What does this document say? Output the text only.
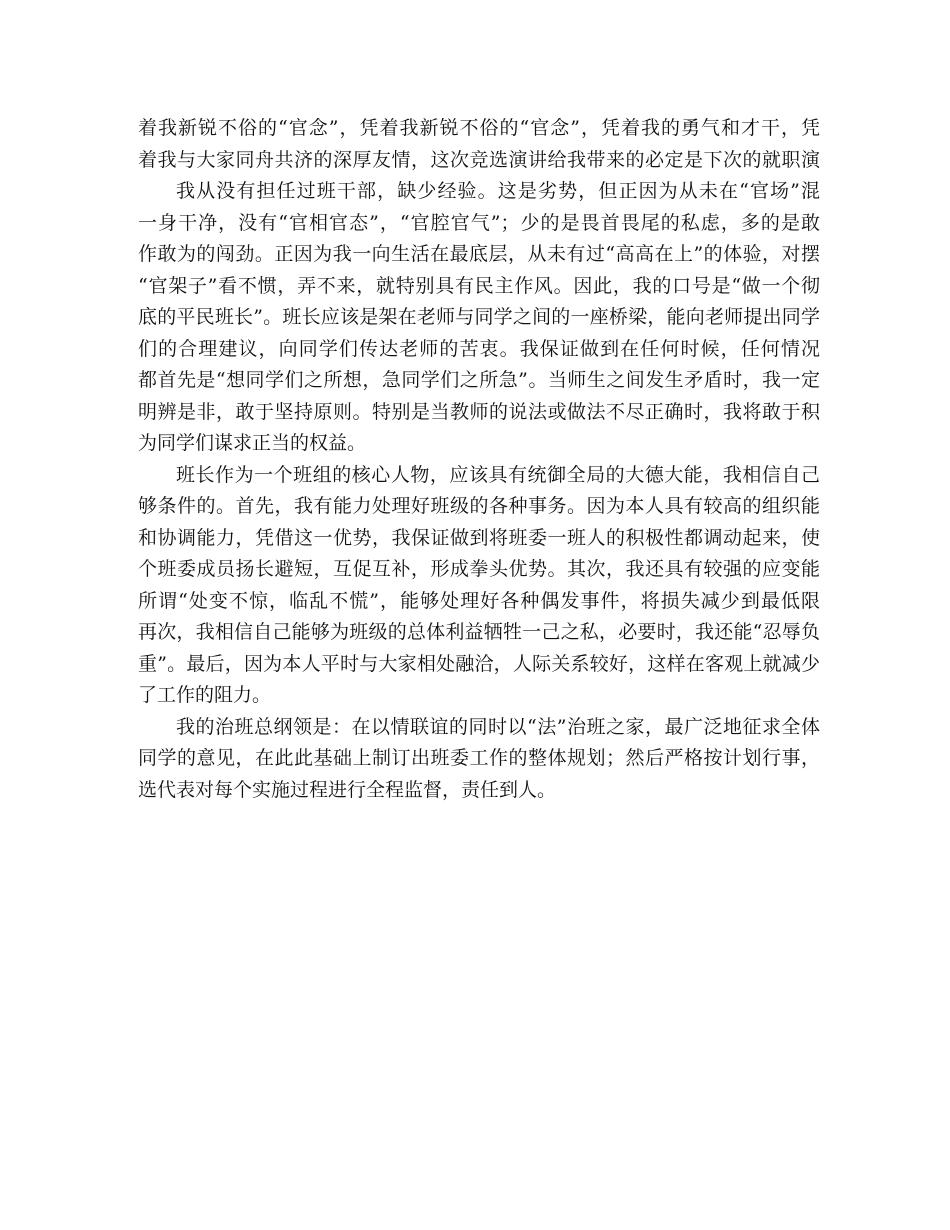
着我新锐不俗的“官念”，凭着我新锐不俗的“官念”，凭着我的勇气和才干，凭
着我与大家同舟共济的深厚友情，这次竞选演讲给我带来的必定是下次的就职演
我从没有担任过班干部，缺少经验。这是劣势，但正因为从未在“官场”混
一身干净，没有“官相官态”，“官腔官气”；少的是畏首畏尾的私虑，多的是敢
作敢为的闯劲。正因为我一向生活在最底层，从未有过“高高在上”的体验，对摆
“官架子”看不惯，弄不来，就特别具有民主作风。因此，我的口号是“做一个彻
底的平民班长”。班长应该是架在老师与同学之间的一座桥梁，能向老师提出同学
们的合理建议，向同学们传达老师的苦衷。我保证做到在任何时候，任何情况
都首先是“想同学们之所想，急同学们之所急”。当师生之间发生矛盾时，我一定
明辨是非，敢于坚持原则。特别是当教师的说法或做法不尽正确时，我将敢于积
为同学们谋求正当的权益。
班长作为一个班组的核心人物，应该具有统御全局的大德大能，我相信自己
够条件的。首先，我有能力处理好班级的各种事务。因为本人具有较高的组织能
和协调能力，凭借这一优势，我保证做到将班委一班人的积极性都调动起来，使
个班委成员扬长避短，互促互补，形成拳头优势。其次，我还具有较强的应变能
所谓“处变不惊，临乱不慌”，能够处理好各种偶发事件，将损失减少到最低限
再次，我相信自己能够为班级的总体利益牺牲一己之私，必要时，我还能“忍辱负
重”。最后，因为本人平时与大家相处融洽，人际关系较好，这样在客观上就减少
了工作的阻力。
我的治班总纲领是：在以情联谊的同时以“法”治班之家，最广泛地征求全体
同学的意见，在此此基础上制订出班委工作的整体规划；然后严格按计划行事，
选代表对每个实施过程进行全程监督，责任到人。
